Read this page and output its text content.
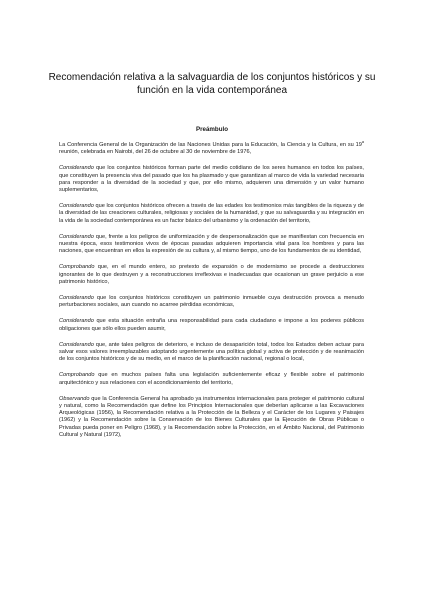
Recomendación relativa a la salvaguardia de los conjuntos históricos y su función en la vida contemporánea
Preámbulo

La Conferencia General de la Organización de las Naciones Unidas para la Educación, la Ciencia y la Cultura, en su 19$^a$ reunión, celebrada en Nairobi, del 26 de octubre al 30 de noviembre de 1976,

Considerando que los conjuntos históricos forman parte del medio cotidiano de los seres humanos en todos los países, que constituyen la presencia viva del pasado que los ha plasmado y que garantizan al marco de vida la variedad necesaria para responder a la diversidad de la sociedad y que, por ello mismo, adquieren una dimensión y un valor humano suplementarios,

Considerando que los conjuntos históricos ofrecen a través de las edades los testimonios más tangibles de la riqueza y de la diversidad de las creaciones culturales, religiosas y sociales de la humanidad, y que su salvaguardia y su integración en la vida de la sociedad contemporánea es un factor básico del urbanismo y la ordenación del territorio,

Considerando que, frente a los peligros de uniformización y de despersonalización que se manifiestan con frecuencia en nuestra época, esos testimonios vivos de épocas pasadas adquieren importancia vital para los hombres y para las naciones, que encuentran en ellos la expresión de su cultura y, al mismo tiempo, uno de los fundamentos de su identidad,

Comprobando que, en el mundo entero, so pretexto de expansión o de modernismo se procede a destrucciones ignorantes de lo que destruyen y a reconstrucciones irreflexivas e inadecuadas que ocasionan un grave perjuicio a ese patrimonio histórico,

Considerando que los conjuntos históricos constituyen un patrimonio inmueble cuya destrucción provoca a menudo perturbaciones sociales, aun cuando no acarree pérdidas económicas,

Considerando que esta situación entraña una responsabilidad para cada ciudadano e impone a los poderes públicos obligaciones que sólo ellos pueden asumir,

Considerando que, ante tales peligros de deterioro, e incluso de desaparición total, todos los Estados deben actuar para salvar esos valores irreemplazables adoptando urgentemente una política global y activa de protección y de reanimación de los conjuntos históricos y de su medio, en el marco de la planificación nacional, regional o local,

Comprobando que en muchos países falta una legislación suficientemente eficaz y flexible sobre el patrimonio arquitectónico y sus relaciones con el acondicionamiento del territorio,

Observando que la Conferencia General ha aprobado ya instrumentos internacionales para proteger el patrimonio cultural y natural, como la Recomendación que define los Principios Internacionales que deberían aplicarse a las Excavaciones Arqueológicas (1956), la Recomendación relativa a la Protección de la Belleza y el Carácter de los Lugares y Paisajes (1962) y la Recomendación sobre la Conservación de los Bienes Culturales que la Ejecución de Obras Públicas o Privadas pueda poner en Peligro (1968), y la Recomendación sobre la Protección, en el Ámbito Nacional, del Patrimonio Cultural y Natural (1972),
